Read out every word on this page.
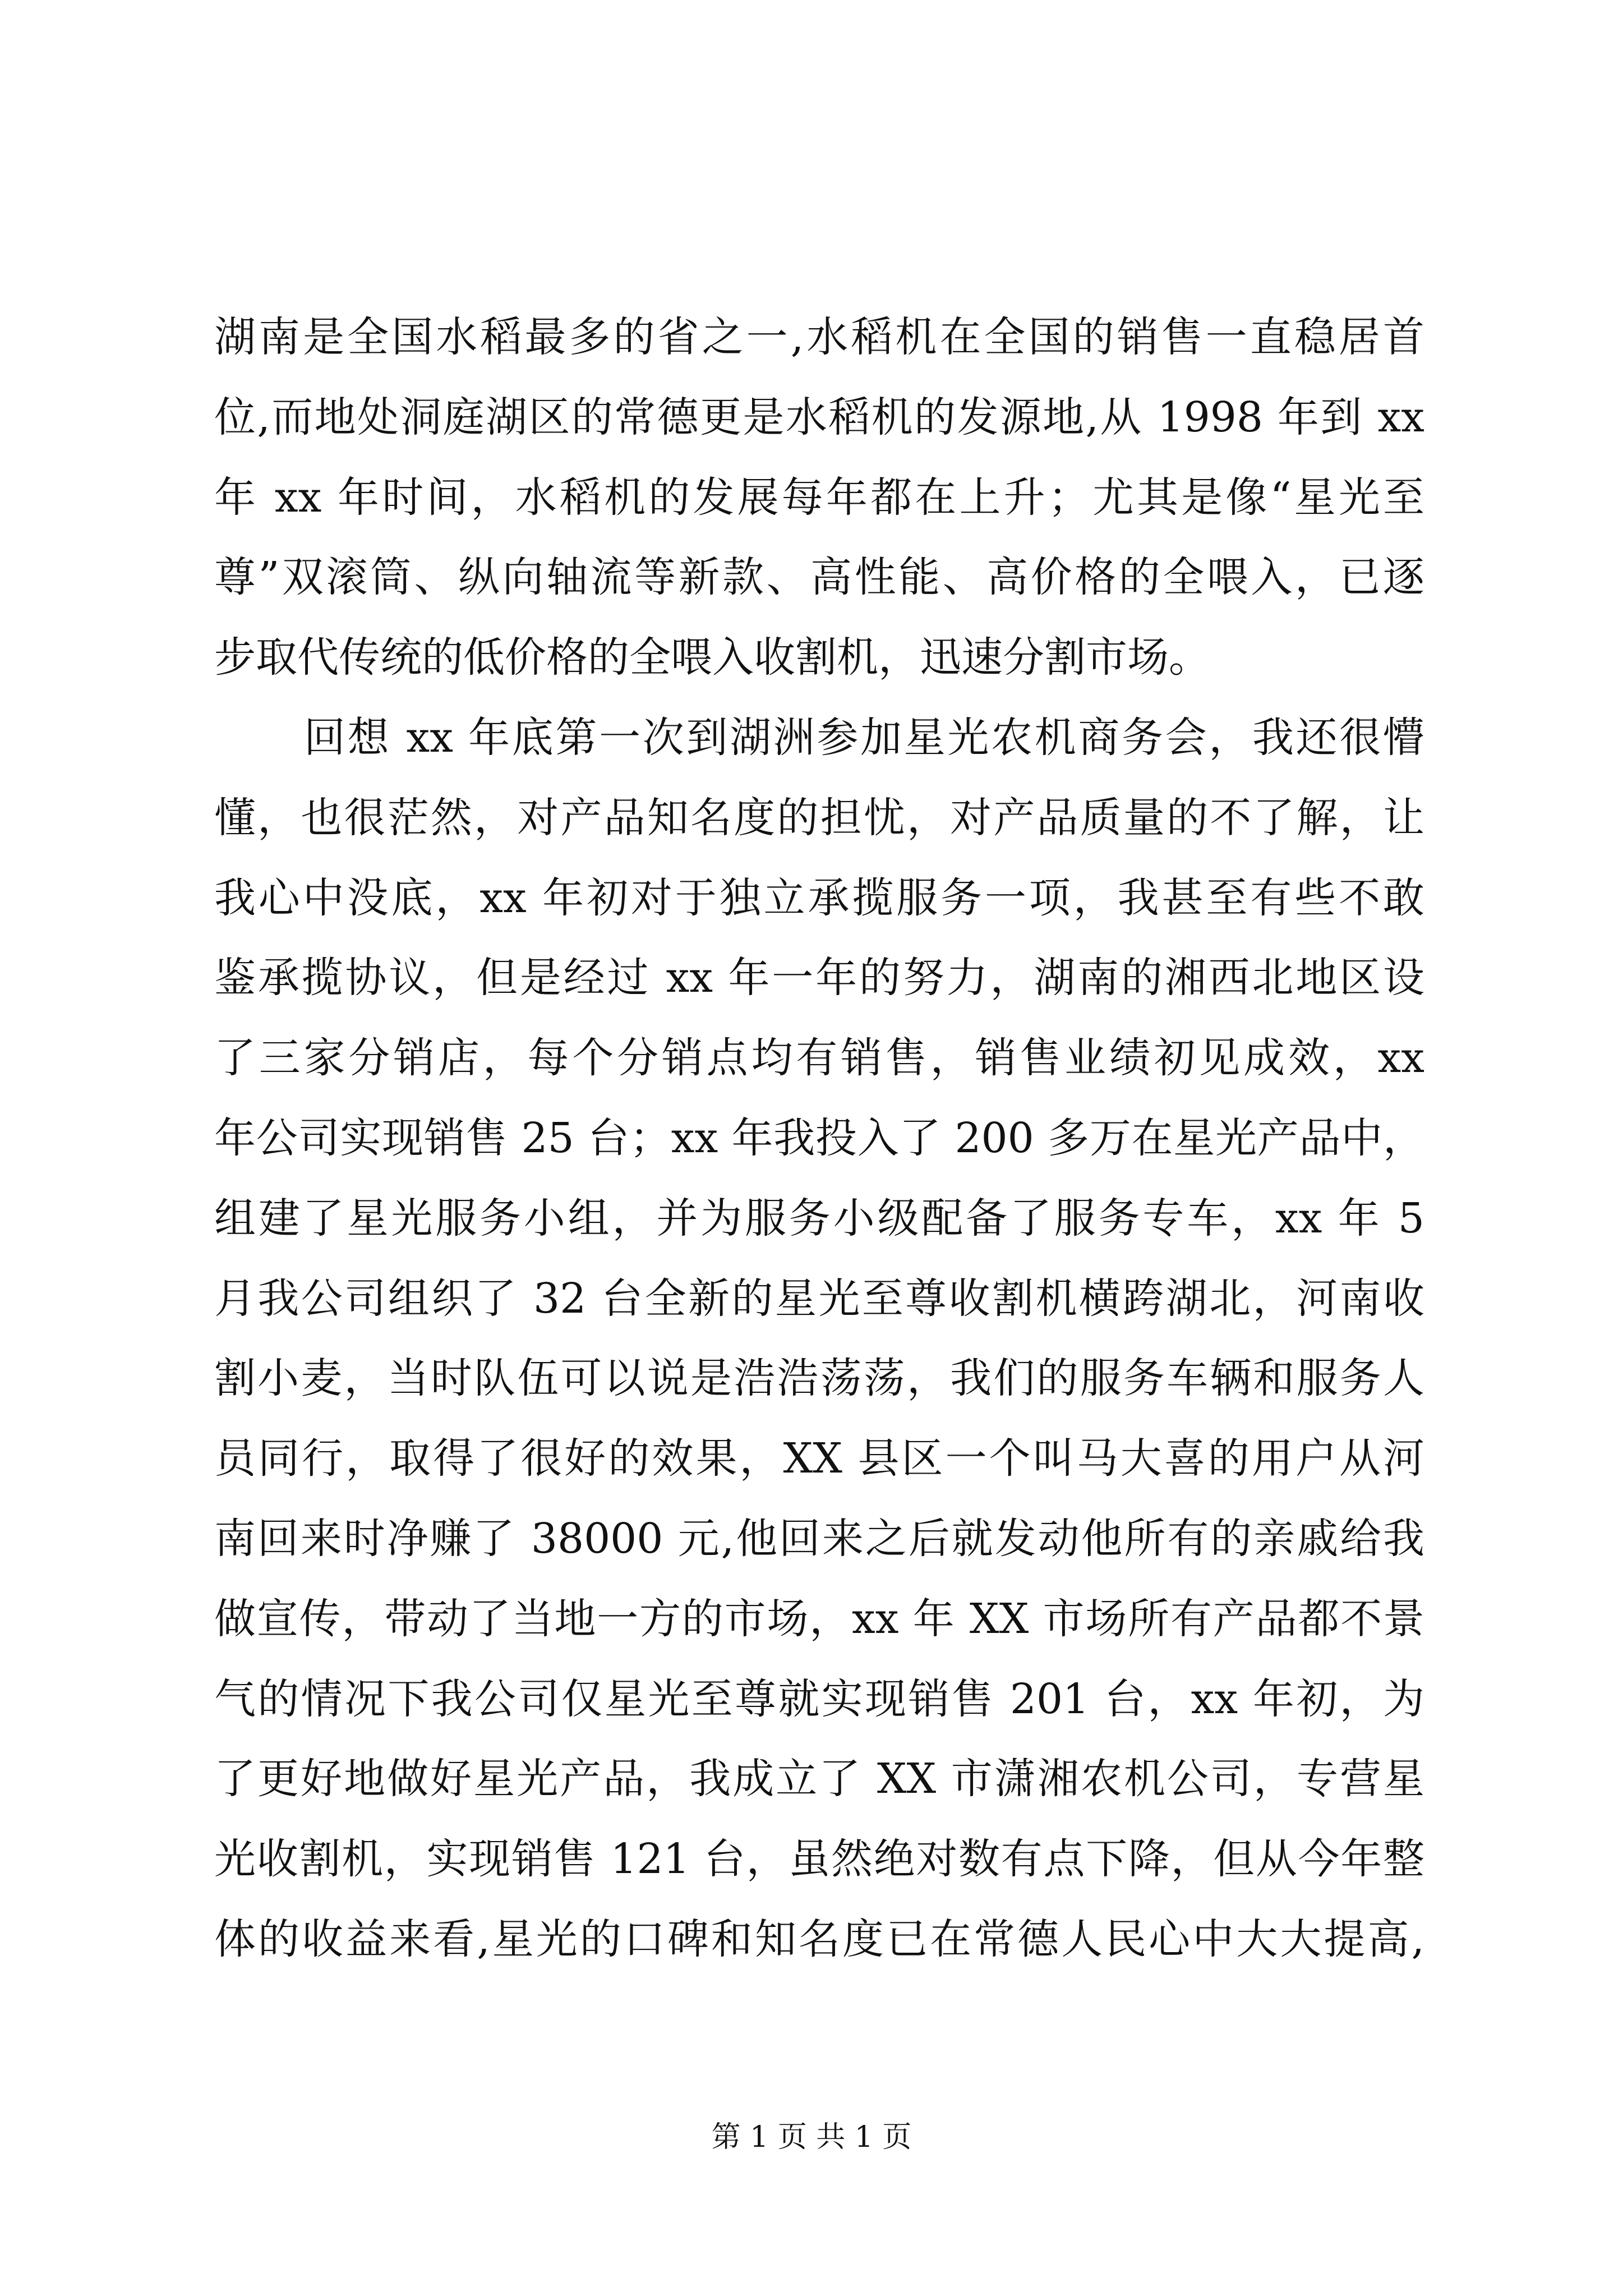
湖南是全国水稻最多的省之一,水稻机在全国的销售一直稳居首
位,而地处洞庭湖区的常德更是水稻机的发源地,从 1998 年到 xx
年 xx 年时间，水稻机的发展每年都在上升；尤其是像“星光至
尊”双滚筒、纵向轴流等新款、高性能、高价格的全喂入，已逐
步取代传统的低价格的全喂入收割机，迅速分割市场。
回想 xx 年底第一次到湖洲参加星光农机商务会，我还很懵
懂，也很茫然，对产品知名度的担忧，对产品质量的不了解，让
我心中没底，xx 年初对于独立承揽服务一项，我甚至有些不敢
鉴承揽协议，但是经过 xx 年一年的努力，湖南的湘西北地区设
了三家分销店，每个分销点均有销售，销售业绩初见成效，xx
年公司实现销售 25 台；xx 年我投入了 200 多万在星光产品中，
组建了星光服务小组，并为服务小级配备了服务专车，xx 年 5
月我公司组织了 32 台全新的星光至尊收割机横跨湖北，河南收
割小麦，当时队伍可以说是浩浩荡荡，我们的服务车辆和服务人
员同行，取得了很好的效果，XX 县区一个叫马大喜的用户从河
南回来时净赚了 38000 元,他回来之后就发动他所有的亲戚给我
做宣传，带动了当地一方的市场，xx 年 XX 市场所有产品都不景
气的情况下我公司仅星光至尊就实现销售 201 台，xx 年初，为
了更好地做好星光产品，我成立了 XX 市潇湘农机公司，专营星
光收割机，实现销售 121 台，虽然绝对数有点下降，但从今年整
体的收益来看,星光的口碑和知名度已在常德人民心中大大提高,
第 1 页 共 1 页
